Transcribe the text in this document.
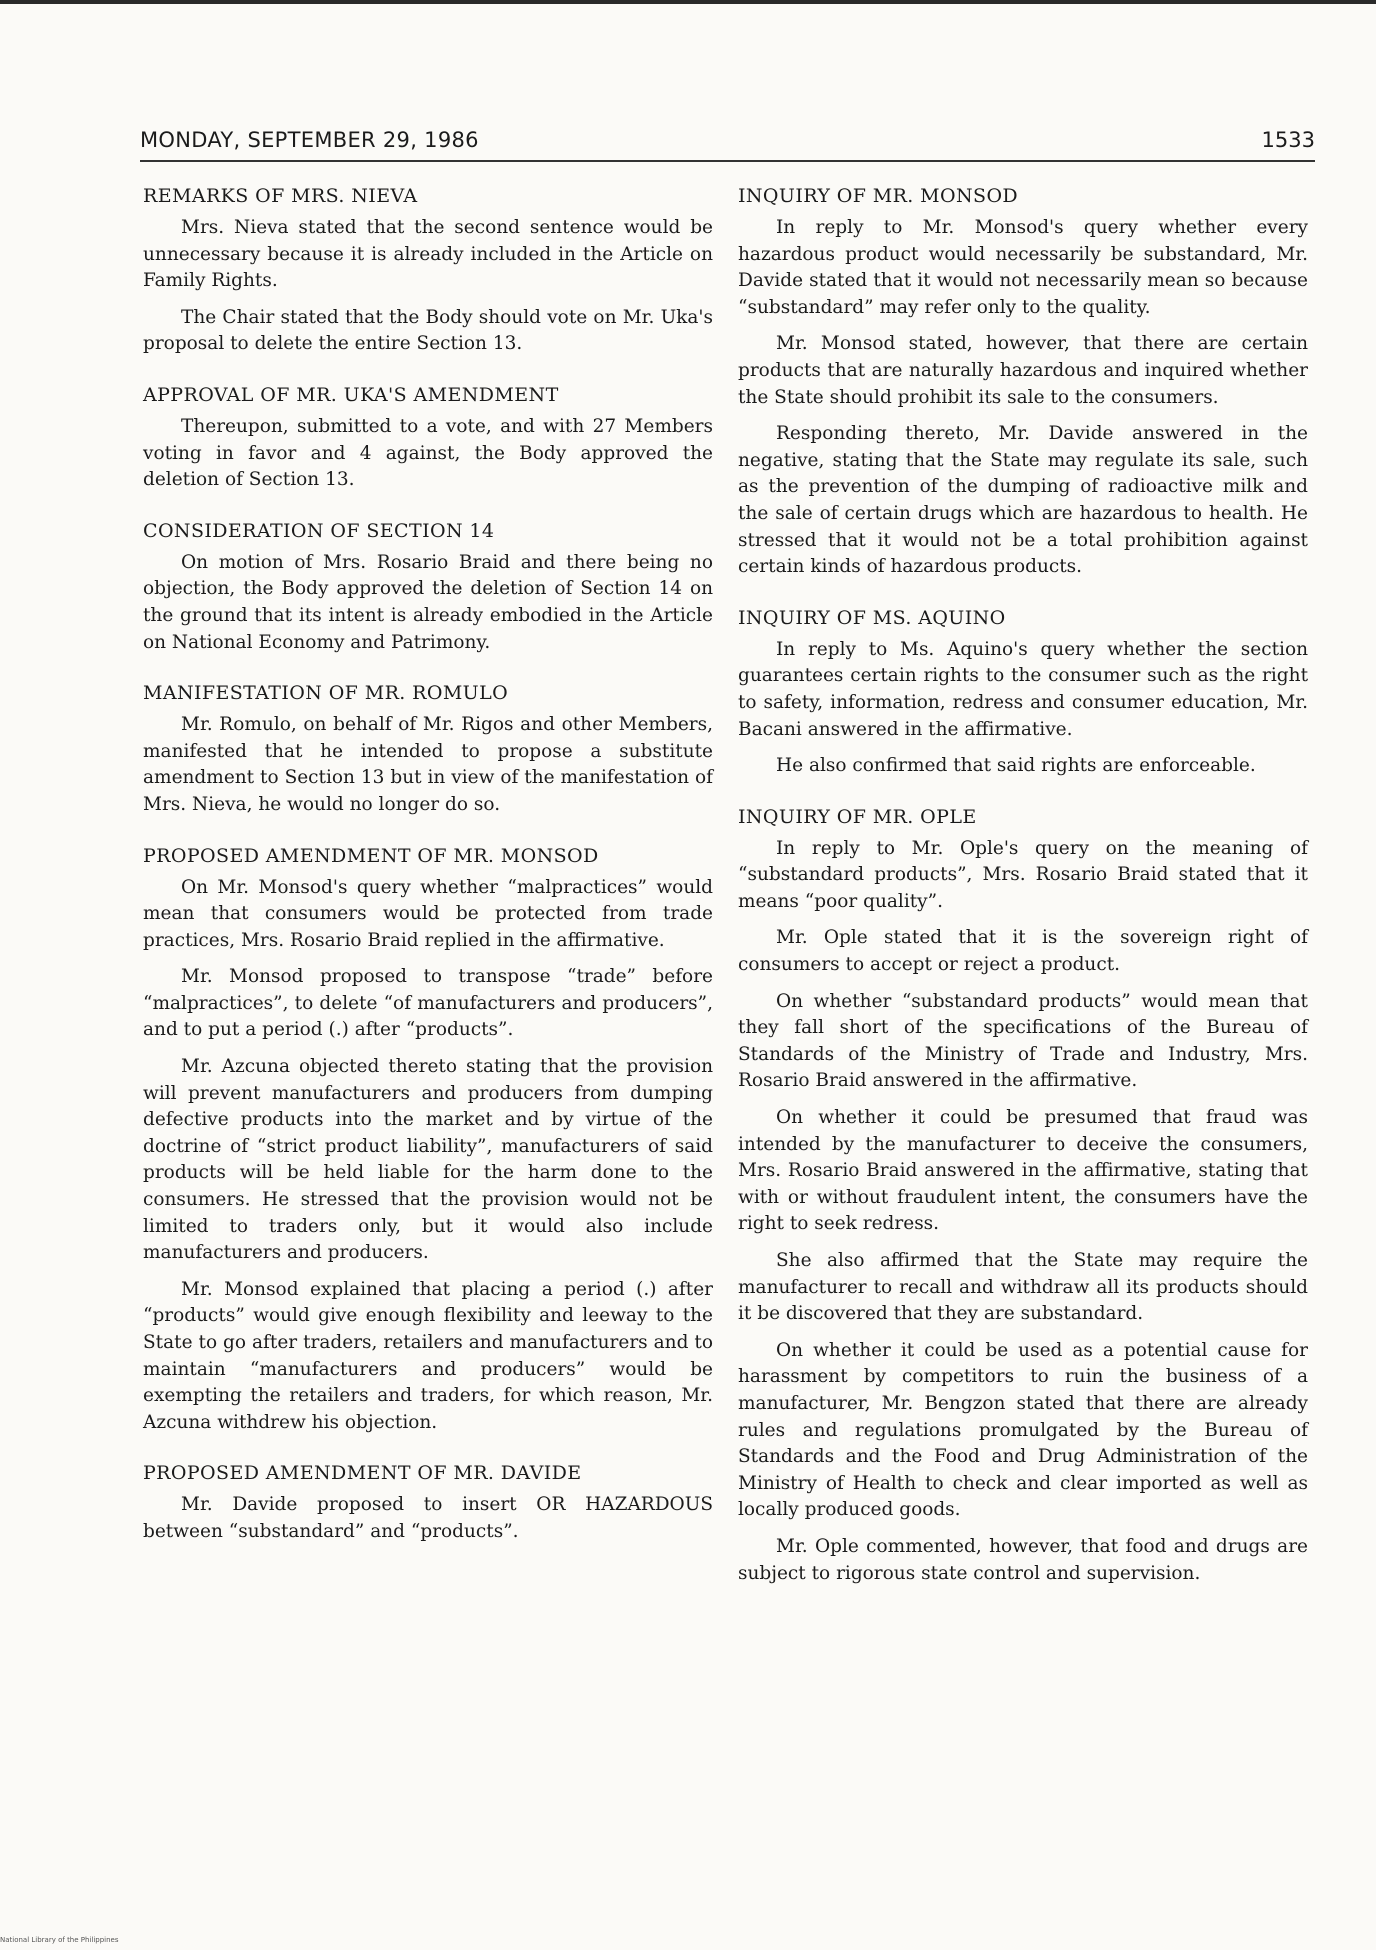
MONDAY, SEPTEMBER 29, 1986	1533
REMARKS OF MRS. NIEVA

Mrs. Nieva stated that the second sentence would be unnecessary because it is already included in the Article on Family Rights.

The Chair stated that the Body should vote on Mr. Uka's proposal to delete the entire Section 13.

APPROVAL OF MR. UKA'S AMENDMENT

Thereupon, submitted to a vote, and with 27 Members voting in favor and 4 against, the Body approved the deletion of Section 13.

CONSIDERATION OF SECTION 14

On motion of Mrs. Rosario Braid and there being no objection, the Body approved the deletion of Section 14 on the ground that its intent is already embodied in the Article on National Economy and Patrimony.

MANIFESTATION OF MR. ROMULO

Mr. Romulo, on behalf of Mr. Rigos and other Members, manifested that he intended to propose a substitute amendment to Section 13 but in view of the manifestation of Mrs. Nieva, he would no longer do so.

PROPOSED AMENDMENT OF MR. MONSOD

On Mr. Monsod's query whether “malpractices” would mean that consumers would be protected from trade practices, Mrs. Rosario Braid replied in the affirmative.

Mr. Monsod proposed to transpose “trade” before “malpractices”, to delete “of manufacturers and producers”, and to put a period (.) after “products”.

Mr. Azcuna objected thereto stating that the provision will prevent manufacturers and producers from dumping defective products into the market and by virtue of the doctrine of “strict product liability”, manufacturers of said products will be held liable for the harm done to the consumers. He stressed that the provision would not be limited to traders only, but it would also include manufacturers and producers.

Mr. Monsod explained that placing a period (.) after “products” would give enough flexibility and leeway to the State to go after traders, retailers and manufacturers and to maintain “manufacturers and producers” would be exempting the retailers and traders, for which reason, Mr. Azcuna withdrew his objection.

PROPOSED AMENDMENT OF MR. DAVIDE

Mr. Davide proposed to insert OR HAZARDOUS between “substandard” and “products”.

INQUIRY OF MR. MONSOD

In reply to Mr. Monsod's query whether every hazardous product would necessarily be substandard, Mr. Davide stated that it would not necessarily mean so because “substandard” may refer only to the quality.

Mr. Monsod stated, however, that there are certain products that are naturally hazardous and inquired whether the State should prohibit its sale to the consumers.

Responding thereto, Mr. Davide answered in the negative, stating that the State may regulate its sale, such as the prevention of the dumping of radioactive milk and the sale of certain drugs which are hazardous to health. He stressed that it would not be a total prohibition against certain kinds of hazardous products.

INQUIRY OF MS. AQUINO

In reply to Ms. Aquino's query whether the section guarantees certain rights to the consumer such as the right to safety, information, redress and consumer education, Mr. Bacani answered in the affirmative.

He also confirmed that said rights are enforceable.

INQUIRY OF MR. OPLE

In reply to Mr. Ople's query on the meaning of “substandard products”, Mrs. Rosario Braid stated that it means “poor quality”.

Mr. Ople stated that it is the sovereign right of consumers to accept or reject a product.

On whether “substandard products” would mean that they fall short of the specifications of the Bureau of Standards of the Ministry of Trade and Industry, Mrs. Rosario Braid answered in the affirmative.

On whether it could be presumed that fraud was intended by the manufacturer to deceive the consumers, Mrs. Rosario Braid answered in the affirmative, stating that with or without fraudulent intent, the consumers have the right to seek redress.

She also affirmed that the State may require the manufacturer to recall and withdraw all its products should it be discovered that they are substandard.

On whether it could be used as a potential cause for harassment by competitors to ruin the business of a manufacturer, Mr. Bengzon stated that there are already rules and regulations promulgated by the Bureau of Standards and the Food and Drug Administration of the Ministry of Health to check and clear imported as well as locally produced goods.

Mr. Ople commented, however, that food and drugs are subject to rigorous state control and supervision.

National Library of the Philippines
